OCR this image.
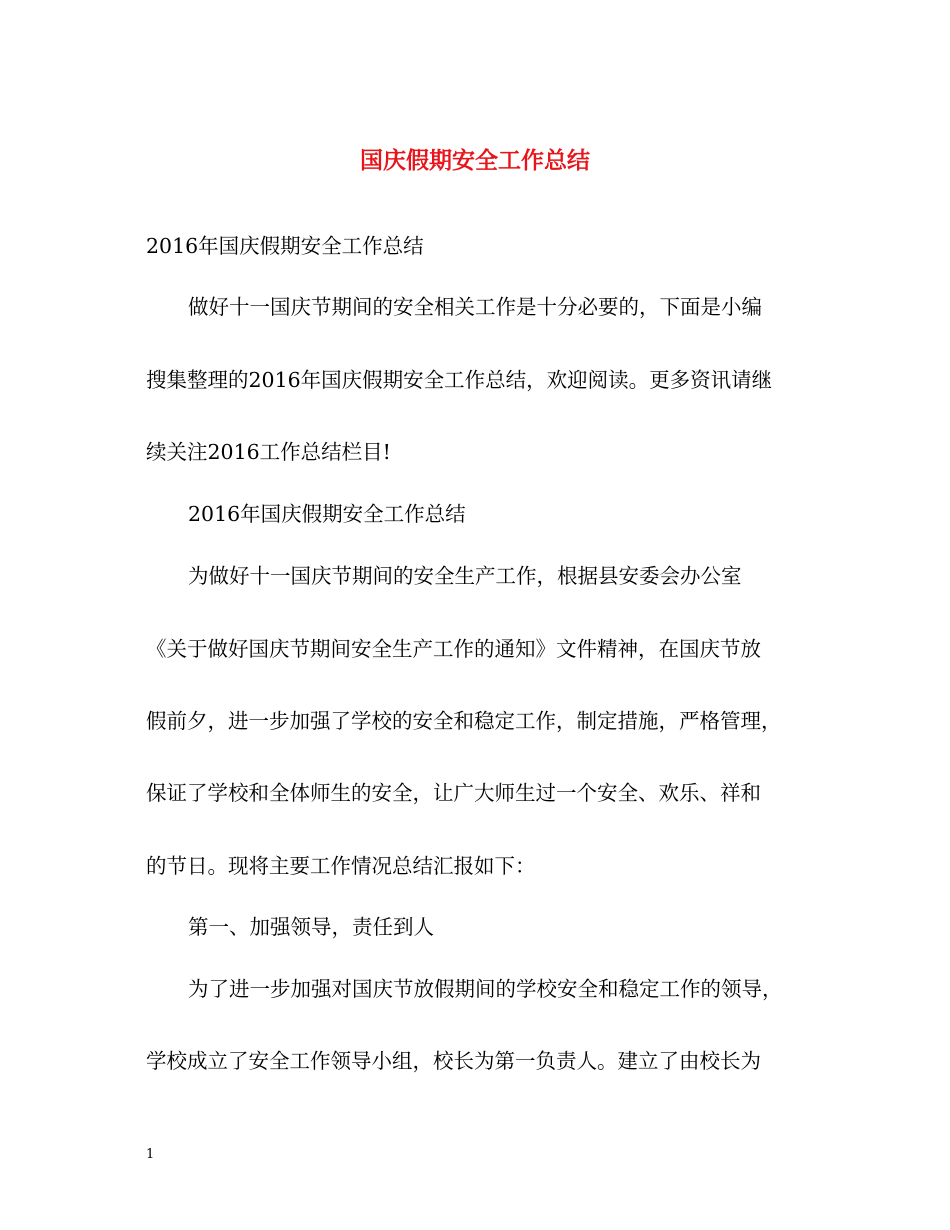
国庆假期安全工作总结
2016年国庆假期安全工作总结
做好十一国庆节期间的安全相关工作是十分必要的，下面是小编
搜集整理的2016年国庆假期安全工作总结，欢迎阅读。更多资讯请继
续关注2016工作总结栏目!
2016年国庆假期安全工作总结
为做好十一国庆节期间的安全生产工作，根据县安委会办公室
《关于做好国庆节期间安全生产工作的通知》文件精神，在国庆节放
假前夕，进一步加强了学校的安全和稳定工作，制定措施，严格管理，
保证了学校和全体师生的安全，让广大师生过一个安全、欢乐、祥和
的节日。现将主要工作情况总结汇报如下：
第一、加强领导，责任到人
为了进一步加强对国庆节放假期间的学校安全和稳定工作的领导，
学校成立了安全工作领导小组，校长为第一负责人。建立了由校长为
1
